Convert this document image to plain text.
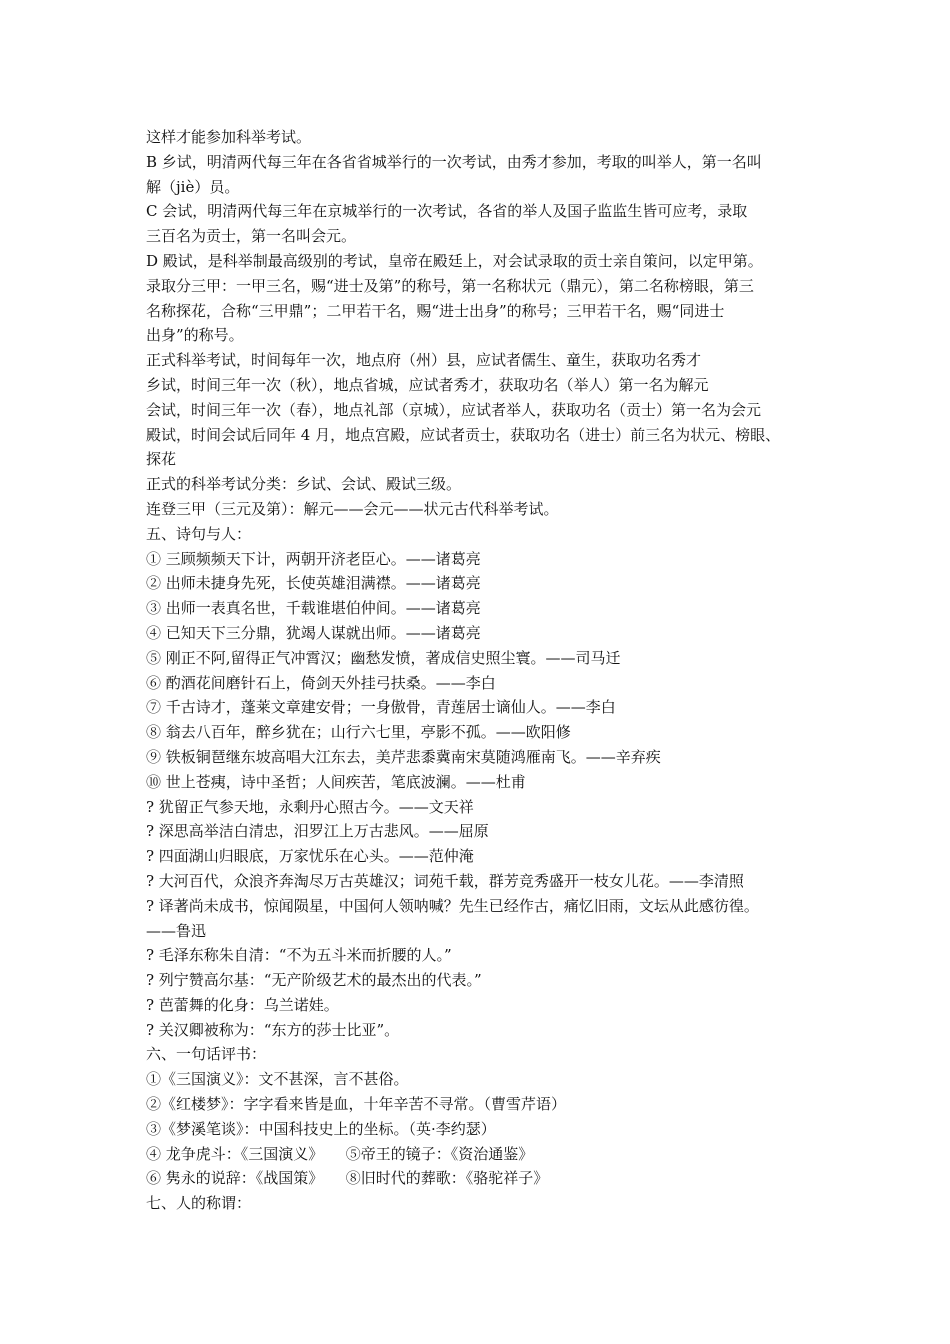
这样才能参加科举考试。

B 乡试，明清两代每三年在各省省城举行的一次考试，由秀才参加，考取的叫举人，第一名叫

解（jiè）员。

C 会试，明清两代每三年在京城举行的一次考试，各省的举人及国子监监生皆可应考，录取

三百名为贡士，第一名叫会元。

D 殿试，是科举制最高级别的考试，皇帝在殿廷上，对会试录取的贡士亲自策问，以定甲第。

录取分三甲：一甲三名，赐“进士及第”的称号，第一名称状元（鼎元），第二名称榜眼，第三

名称探花，合称“三甲鼎”；二甲若干名，赐“进士出身”的称号；三甲若干名，赐“同进士

出身”的称号。

正式科举考试，时间每年一次，地点府（州）县，应试者儒生、童生，获取功名秀才

乡试，时间三年一次（秋），地点省城，应试者秀才，获取功名（举人）第一名为解元

会试，时间三年一次（春），地点礼部（京城），应试者举人，获取功名（贡士）第一名为会元

殿试，时间会试后同年 4 月，地点宫殿，应试者贡士，获取功名（进士）前三名为状元、榜眼、

探花

正式的科举考试分类：乡试、会试、殿试三级。

连登三甲（三元及第）：解元——会元——状元古代科举考试。

五、诗句与人：

① 三顾频频天下计，两朝开济老臣心。——诸葛亮

② 出师未捷身先死，长使英雄泪满襟。——诸葛亮

③ 出师一表真名世，千载谁堪伯仲间。——诸葛亮

④ 已知天下三分鼎，犹竭人谋就出师。——诸葛亮

⑤ 刚正不阿,留得正气冲霄汉；幽愁发愤，著成信史照尘寰。——司马迁

⑥ 酌酒花间磨针石上，倚剑天外挂弓扶桑。——李白

⑦ 千古诗才，蓬莱文章建安骨；一身傲骨，青莲居士谪仙人。——李白

⑧ 翁去八百年，醉乡犹在；山行六七里，亭影不孤。——欧阳修

⑨ 铁板铜琶继东坡高唱大江东去，美芹悲黍冀南宋莫随鸿雁南飞。——辛弃疾

⑩ 世上苍痍，诗中圣哲；人间疾苦，笔底波澜。——杜甫

? 犹留正气参天地，永剩丹心照古今。——文天祥

? 深思高举洁白清忠，汨罗江上万古悲风。——屈原

? 四面湖山归眼底，万家忧乐在心头。——范仲淹

? 大河百代，众浪齐奔淘尽万古英雄汉；词苑千载，群芳竞秀盛开一枝女儿花。——李清照

? 译著尚未成书，惊闻陨星，中国何人领呐喊？先生已经作古，痛忆旧雨，文坛从此感彷徨。

——鲁迅

? 毛泽东称朱自清：“不为五斗米而折腰的人。”

? 列宁赞高尔基：“无产阶级艺术的最杰出的代表。”

? 芭蕾舞的化身：乌兰诺娃。

? 关汉卿被称为：“东方的莎士比亚”。

六、一句话评书：

①《三国演义》：文不甚深，言不甚俗。

②《红楼梦》：字字看来皆是血，十年辛苦不寻常。（曹雪芹语）

③《梦溪笔谈》：中国科技史上的坐标。（英·李约瑟）

④ 龙争虎斗：《三国演义》　　⑤帝王的镜子：《资治通鉴》

⑥ 隽永的说辞：《战国策》　　⑧旧时代的葬歌：《骆驼祥子》

七、人的称谓：
